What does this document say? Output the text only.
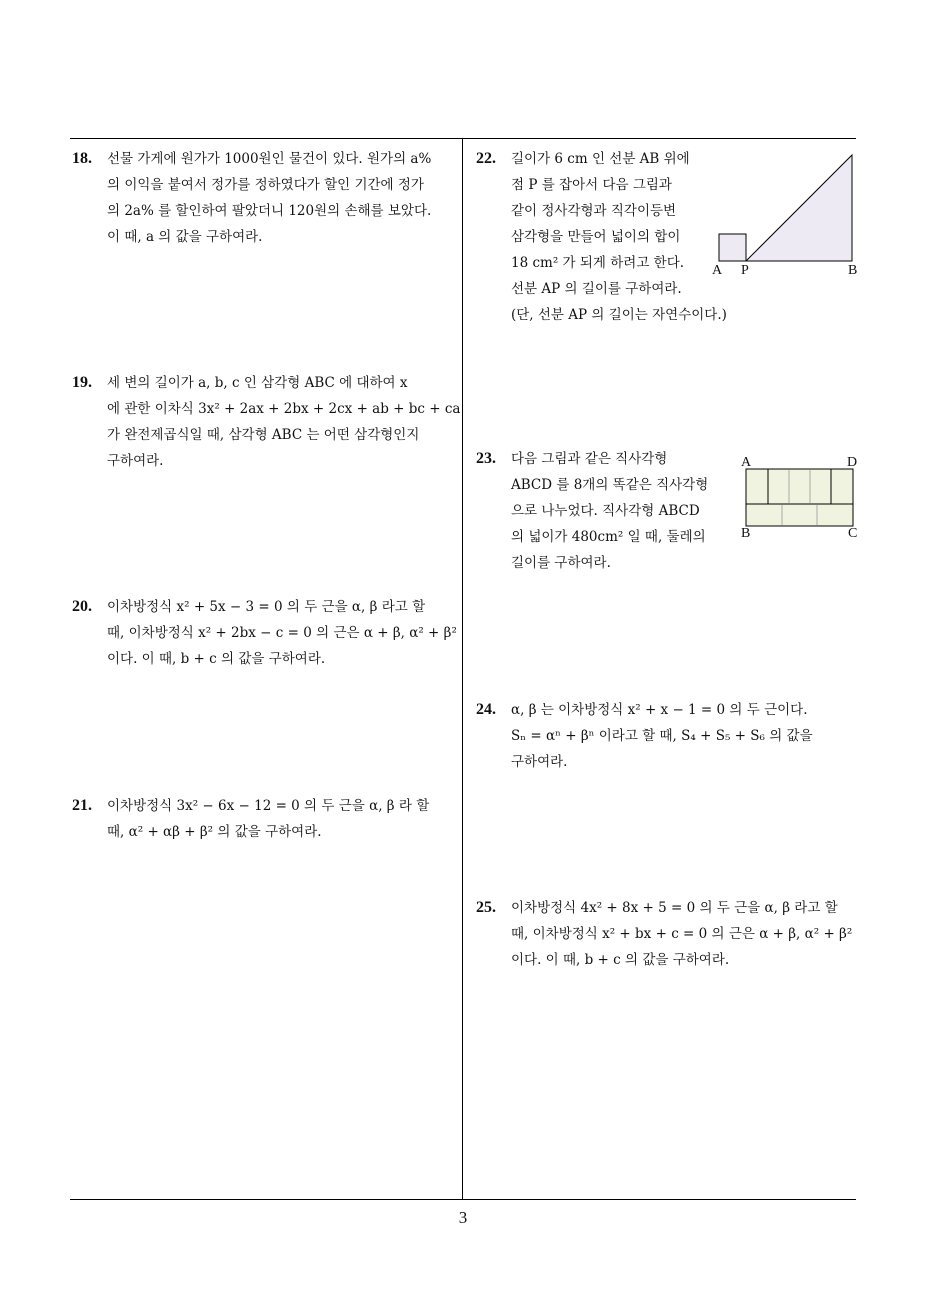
18. 선물 가게에 원가가 1000원인 물건이 있다. 원가의 a%
의 이익을 붙여서 정가를 정하였다가 할인 기간에 정가
의 2a% 를 할인하여 팔았더니 120원의 손해를 보았다.
이 때, a 의 값을 구하여라.
19. 세 변의 길이가 a, b, c 인 삼각형 ABC 에 대하여 x
에 관한 이차식 3x² + 2ax + 2bx + 2cx + ab + bc + ca
가 완전제곱식일 때, 삼각형 ABC 는 어떤 삼각형인지
구하여라.
20. 이차방정식 x² + 5x − 3 = 0 의 두 근을 α, β 라고 할
때, 이차방정식 x² + 2bx − c = 0 의 근은 α + β, α² + β²
이다. 이 때, b + c 의 값을 구하여라.
21. 이차방정식 3x² − 6x − 12 = 0 의 두 근을 α, β 라 할
때, α² + αβ + β² 의 값을 구하여라.
22. 길이가 6 cm 인 선분 AB 위에
점 P 를 잡아서 다음 그림과
같이 정사각형과 직각이등변
삼각형을 만들어 넓이의 합이
18 cm² 가 되게 하려고 한다.
선분 AP 의 길이를 구하여라.
(단, 선분 AP 의 길이는 자연수이다.)
A P	B
23. 다음 그림과 같은 직사각형
ABCD 를 8개의 똑같은 직사각형
으로 나누었다. 직사각형 ABCD
의 넓이가 480cm² 일 때, 둘레의
길이를 구하여라.
A	D
B	C
24. α, β 는 이차방정식 x² + x − 1 = 0 의 두 근이다.
Sₙ = αⁿ + βⁿ 이라고 할 때, S₄ + S₅ + S₆ 의 값을
구하여라.
25. 이차방정식 4x² + 8x + 5 = 0 의 두 근을 α, β 라고 할
때, 이차방정식 x² + bx + c = 0 의 근은 α + β, α² + β²
이다. 이 때, b + c 의 값을 구하여라.
3
